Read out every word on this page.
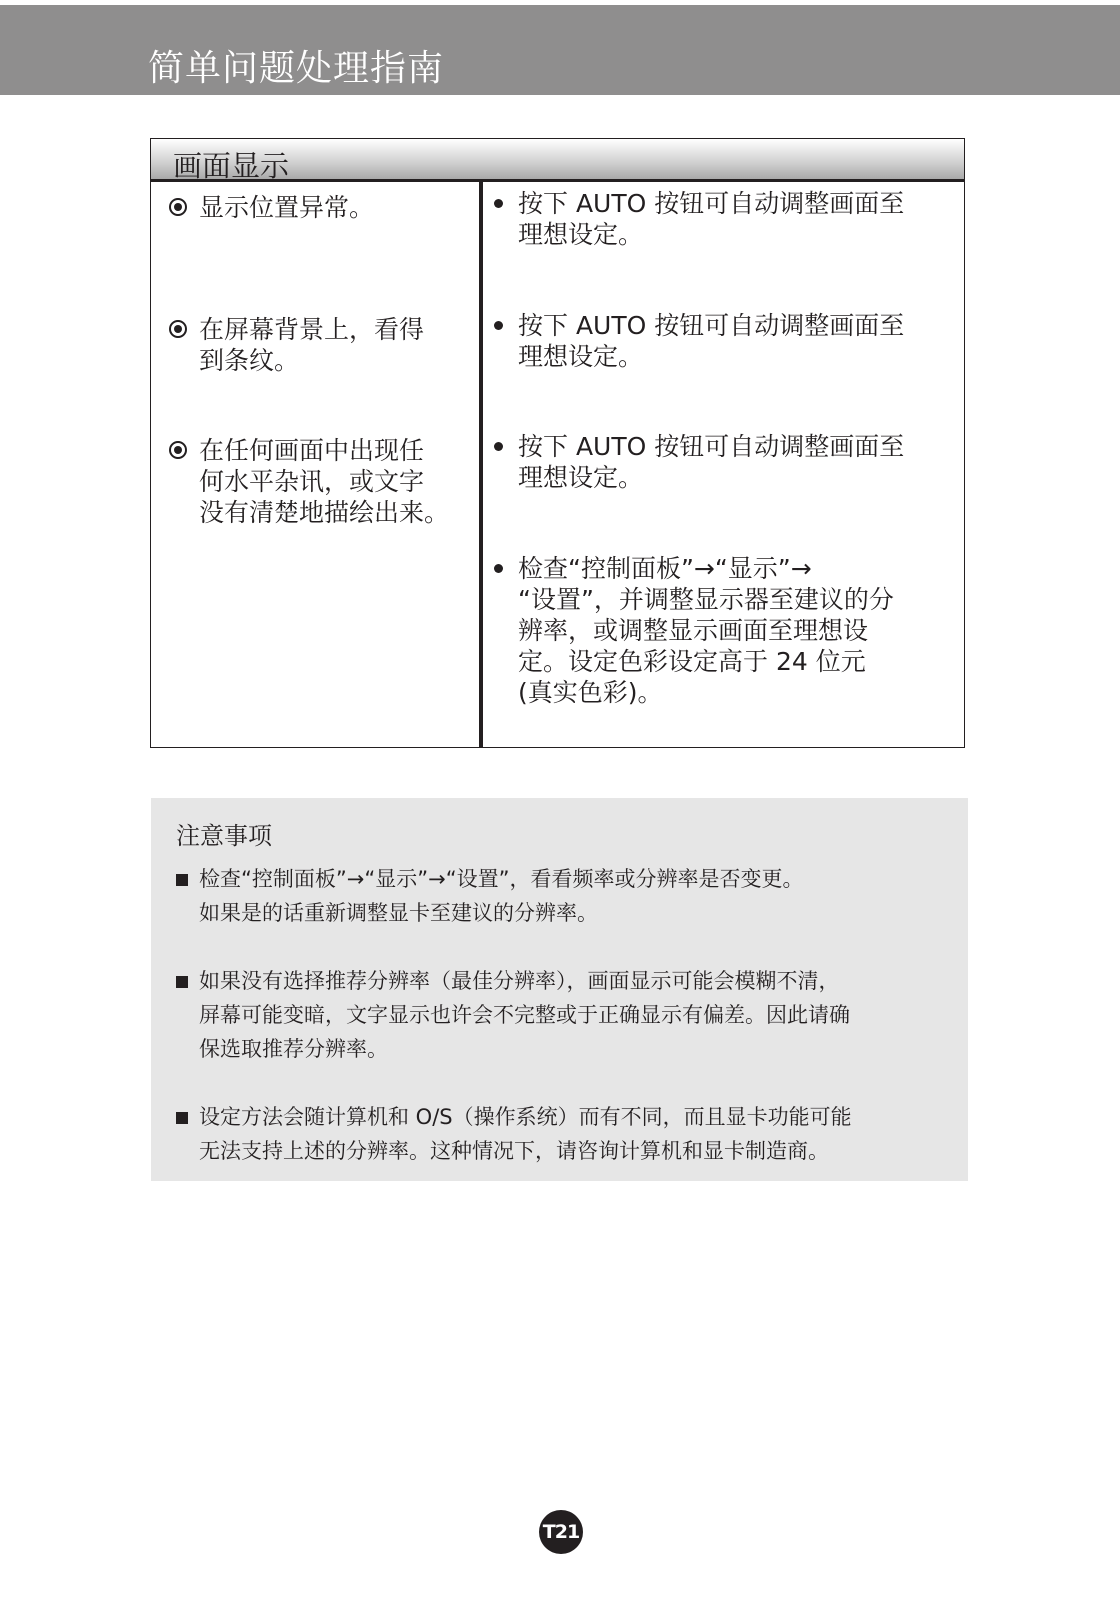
简单问题处理指南
画面显示
显示位置异常。	按下 AUTO 按钮可自动调整画面至
理想设定。
在屏幕背景上，看得
到条纹。
按下 AUTO 按钮可自动调整画面至
理想设定。
在任何画面中出现任
何水平杂讯，或文字
没有清楚地描绘出来。
按下 AUTO 按钮可自动调整画面至
理想设定。
检查“控制面板”→“显示”→
“设置”，并调整显示器至建议的分
辨率，或调整显示画面至理想设
定。设定色彩设定高于 24 位元
(真实色彩)。
注意事项
检查“控制面板”→“显示”→“设置”，看看频率或分辨率是否变更。
如果是的话重新调整显卡至建议的分辨率。
如果没有选择推荐分辨率（最佳分辨率），画面显示可能会模糊不清，
屏幕可能变暗，文字显示也许会不完整或于正确显示有偏差。因此请确
保选取推荐分辨率。
设定方法会随计算机和 O/S（操作系统）而有不同，而且显卡功能可能
无法支持上述的分辨率。这种情况下，请咨询计算机和显卡制造商。
T21
